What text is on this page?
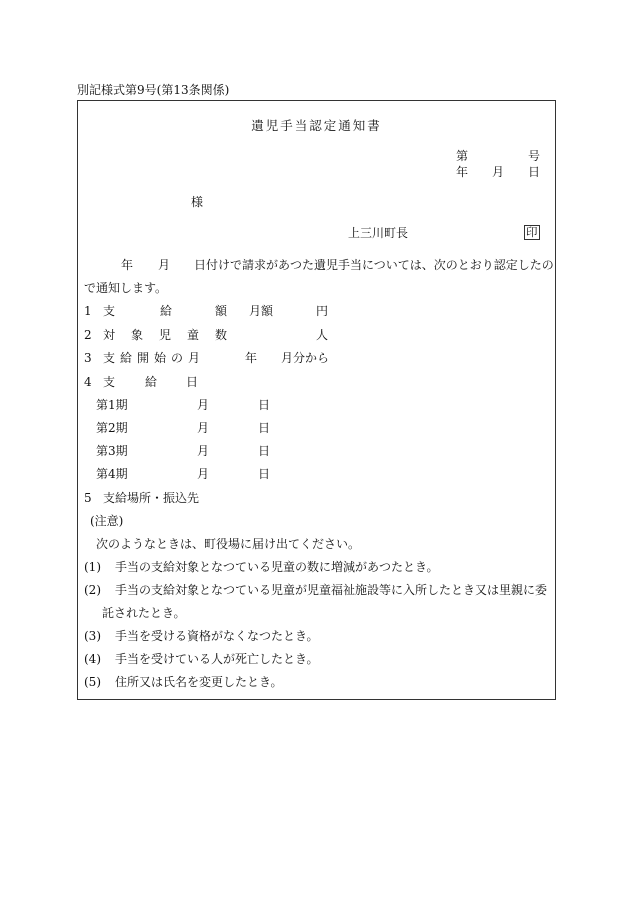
別記様式第9号(第13条関係)
遺児手当認定通知書
第	号
年 月 日
様
上三川町長	印
年 月 日付けで請求があつた遺児手当については、次のとおり認定したの
で通知します。
1 支	給	額 月額	円
2 対 象 児 童 数	人
3 支給開始の月	年 月分から
4 支 給 日
第1期	月	日
第2期	月	日
第3期	月	日
第4期	月	日
5 支給場所・振込先
(注意)
次のようなときは、町役場に届け出てください。
(1) 手当の支給対象となつている児童の数に増減があつたとき。
(2) 手当の支給対象となつている児童が児童福祉施設等に入所したとき又は里親に委
託されたとき。
(3) 手当を受ける資格がなくなつたとき。
(4) 手当を受けている人が死亡したとき。
(5) 住所又は氏名を変更したとき。
